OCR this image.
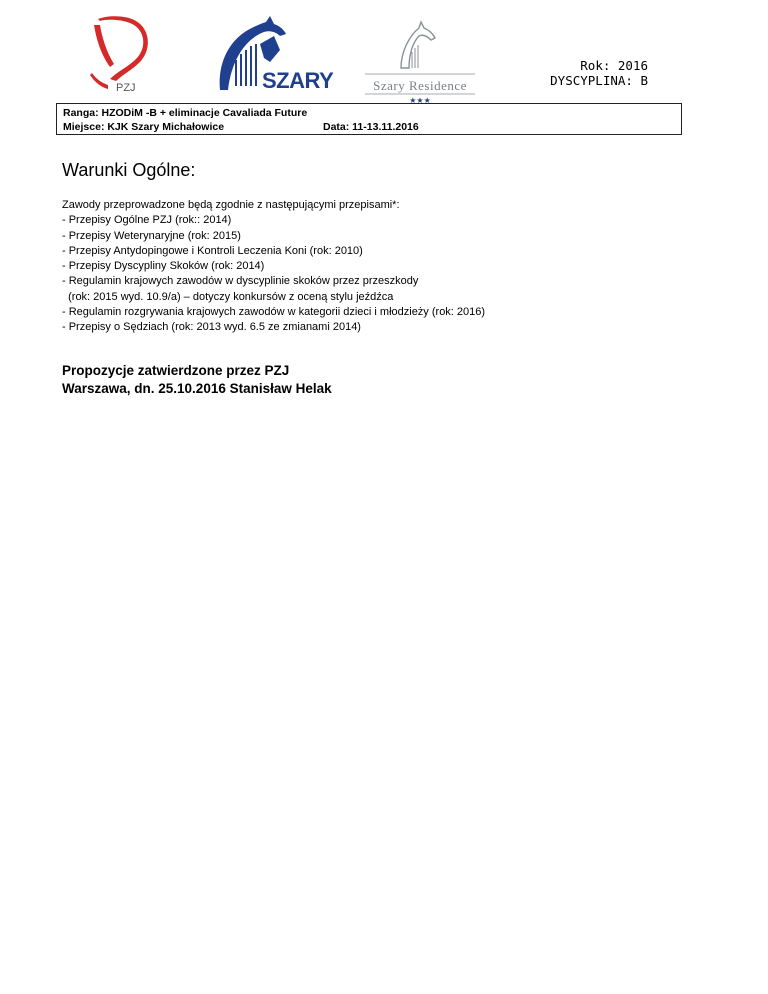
PZJ	SZARY	Szary Residence
★★★
Rok: 2016
DYSCYPLINA: B
Ranga: HZODiM -B + eliminacje Cavaliada Future
Miejsce: KJK Szary Michałowice	Data: 11-13.11.2016
Warunki Ogólne:
Zawody przeprowadzone będą zgodnie z następującymi przepisami*:
- Przepisy Ogólne PZJ (rok:: 2014)
- Przepisy Weterynaryjne (rok: 2015)
- Przepisy Antydopingowe i Kontroli Leczenia Koni (rok: 2010)
- Przepisy Dyscypliny Skoków (rok: 2014)
- Regulamin krajowych zawodów w dyscyplinie skoków przez przeszkody
(rok: 2015 wyd. 10.9/a) – dotyczy konkursów z oceną stylu jeźdźca
- Regulamin rozgrywania krajowych zawodów w kategorii dzieci i młodzieży (rok: 2016)
- Przepisy o Sędziach (rok: 2013 wyd. 6.5 ze zmianami 2014)
Propozycje zatwierdzone przez PZJ
Warszawa, dn. 25.10.2016 Stanisław Helak
